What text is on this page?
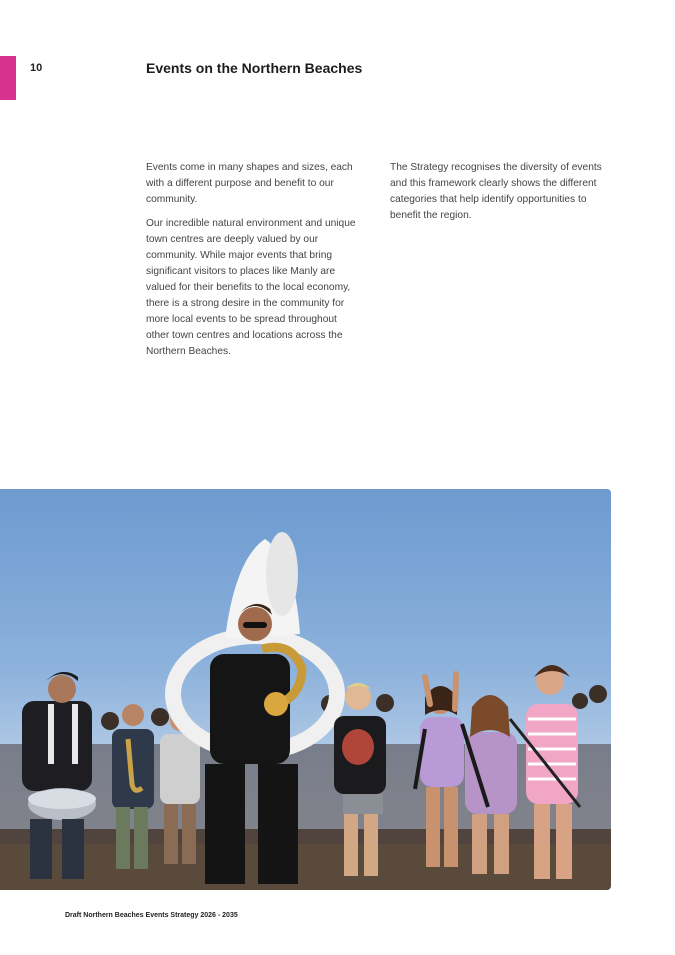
10	Events on the Northern Beaches

Events come in many shapes and sizes, each with a different purpose and benefit to our community.

Our incredible natural environment and unique town centres are deeply valued by our community. While major events that bring significant visitors to places like Manly are valued for their benefits to the local economy, there is a strong desire in the community for more local events to be spread throughout other town centres and locations across the Northern Beaches.

The Strategy recognises the diversity of events and this framework clearly shows the different categories that help identify opportunities to benefit the region.

Draft Northern Beaches Events Strategy 2026 - 2035
